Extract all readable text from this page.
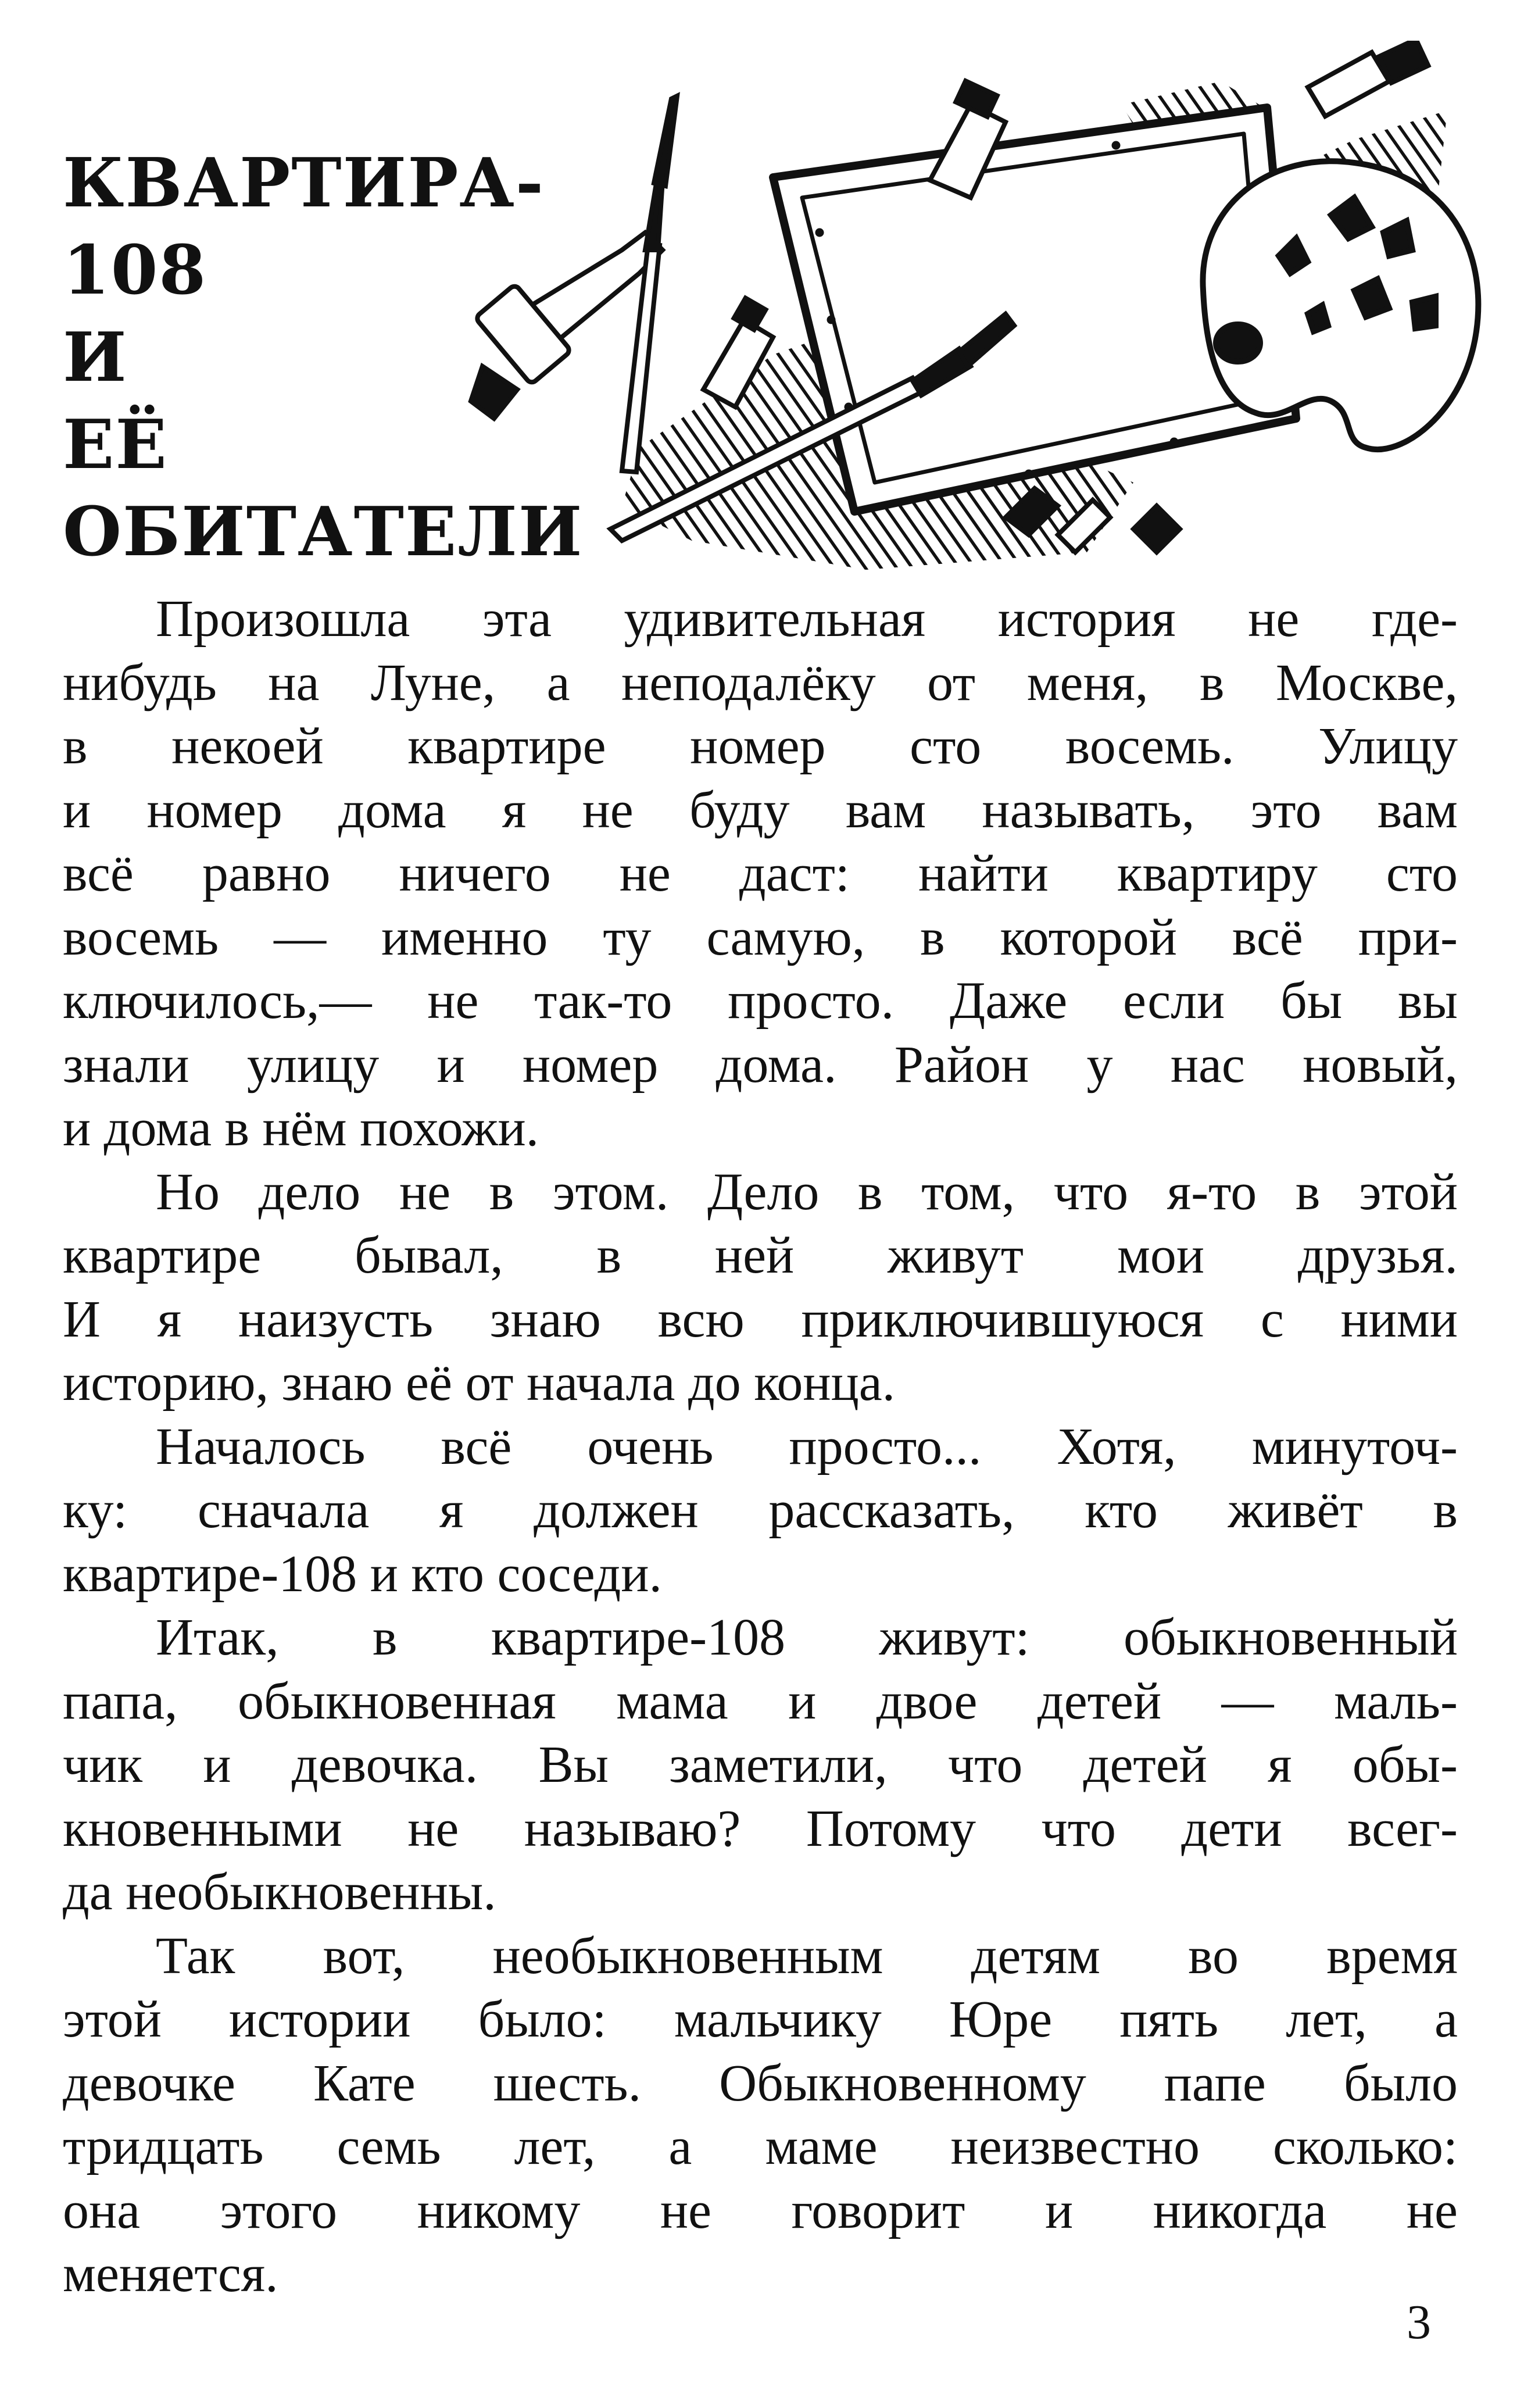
КВАРТИРА-
108
И
ЕЁ
ОБИТАТЕЛИ

Произошла эта удивительная история не где-
нибудь на Луне, а неподалёку от меня, в Москве,
в некоей квартире номер сто восемь. Улицу
и номер дома я не буду вам называть, это вам
всё равно ничего не даст: найти квартиру сто
восемь — именно ту самую, в которой всё при-
ключилось,— не так-то просто. Даже если бы вы
знали улицу и номер дома. Район у нас новый,
и дома в нём похожи.

Но дело не в этом. Дело в том, что я-то в этой
квартире бывал, в ней живут мои друзья.
И я наизусть знаю всю приключившуюся с ними
историю, знаю её от начала до конца.

Началось всё очень просто... Хотя, минуточ-
ку: сначала я должен рассказать, кто живёт в
квартире-108 и кто соседи.

Итак, в квартире-108 живут: обыкновенный
папа, обыкновенная мама и двое детей — маль-
чик и девочка. Вы заметили, что детей я обы-
кновенными не называю? Потому что дети всег-
да необыкновенны.

Так вот, необыкновенным детям во время
этой истории было: мальчику Юре пять лет, а
девочке Кате шесть. Обыкновенному папе было
тридцать семь лет, а маме неизвестно сколько:
она этого никому не говорит и никогда не
меняется.

3
